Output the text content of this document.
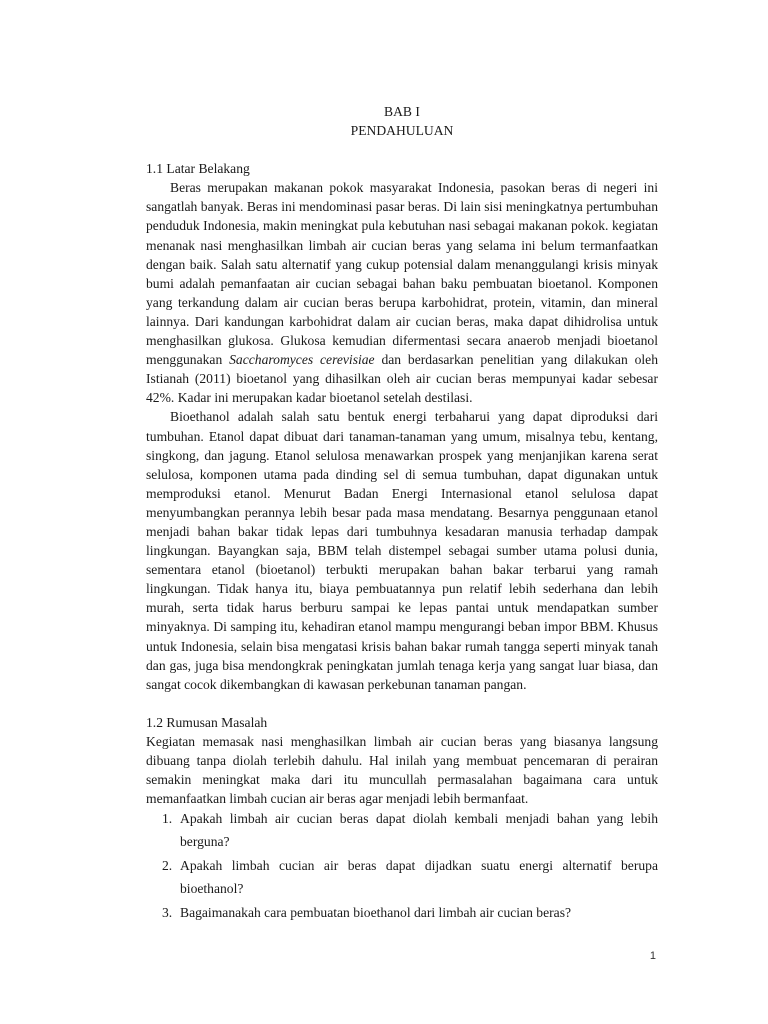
BAB I
PENDAHULUAN
1.1 Latar Belakang

Beras merupakan makanan pokok masyarakat Indonesia, pasokan beras di negeri ini sangatlah banyak. Beras ini mendominasi pasar beras. Di lain sisi meningkatnya pertumbuhan penduduk Indonesia, makin meningkat pula kebutuhan nasi sebagai makanan pokok. kegiatan menanak nasi menghasilkan limbah air cucian beras yang selama ini belum termanfaatkan dengan baik. Salah satu alternatif yang cukup potensial dalam menanggulangi krisis minyak bumi adalah pemanfaatan air cucian sebagai bahan baku pembuatan bioetanol. Komponen yang terkandung dalam air cucian beras berupa karbohidrat, protein, vitamin, dan mineral lainnya. Dari kandungan karbohidrat dalam air cucian beras, maka dapat dihidrolisa untuk menghasilkan glukosa. Glukosa kemudian difermentasi secara anaerob menjadi bioetanol menggunakan Saccharomyces cerevisiae dan berdasarkan penelitian yang dilakukan oleh Istianah (2011) bioetanol yang dihasilkan oleh air cucian beras mempunyai kadar sebesar 42%. Kadar ini merupakan kadar bioetanol setelah destilasi.

Bioethanol adalah salah satu bentuk energi terbaharui yang dapat diproduksi dari tumbuhan. Etanol dapat dibuat dari tanaman-tanaman yang umum, misalnya tebu, kentang, singkong, dan jagung. Etanol selulosa menawarkan prospek yang menjanjikan karena serat selulosa, komponen utama pada dinding sel di semua tumbuhan, dapat digunakan untuk memproduksi etanol. Menurut Badan Energi Internasional etanol selulosa dapat menyumbangkan perannya lebih besar pada masa mendatang. Besarnya penggunaan etanol menjadi bahan bakar tidak lepas dari tumbuhnya kesadaran manusia terhadap dampak lingkungan. Bayangkan saja, BBM telah distempel sebagai sumber utama polusi dunia, sementara etanol (bioetanol) terbukti merupakan bahan bakar terbarui yang ramah lingkungan. Tidak hanya itu, biaya pembuatannya pun relatif lebih sederhana dan lebih murah, serta tidak harus berburu sampai ke lepas pantai untuk mendapatkan sumber minyaknya. Di samping itu, kehadiran etanol mampu mengurangi beban impor BBM. Khusus untuk Indonesia, selain bisa mengatasi krisis bahan bakar rumah tangga seperti minyak tanah dan gas, juga bisa mendongkrak peningkatan jumlah tenaga kerja yang sangat luar biasa, dan sangat cocok dikembangkan di kawasan perkebunan tanaman pangan.

1.2 Rumusan Masalah

Kegiatan memasak nasi menghasilkan limbah air cucian beras yang biasanya langsung dibuang tanpa diolah terlebih dahulu. Hal inilah yang membuat pencemaran di perairan semakin meningkat maka dari itu muncullah permasalahan bagaimana cara untuk memanfaatkan limbah cucian air beras agar menjadi lebih bermanfaat.

1. Apakah limbah air cucian beras dapat diolah kembali menjadi bahan yang lebih berguna?
2. Apakah limbah cucian air beras dapat dijadkan suatu energi alternatif berupa bioethanol?
3. Bagaimanakah cara pembuatan bioethanol dari limbah air cucian beras?
1
